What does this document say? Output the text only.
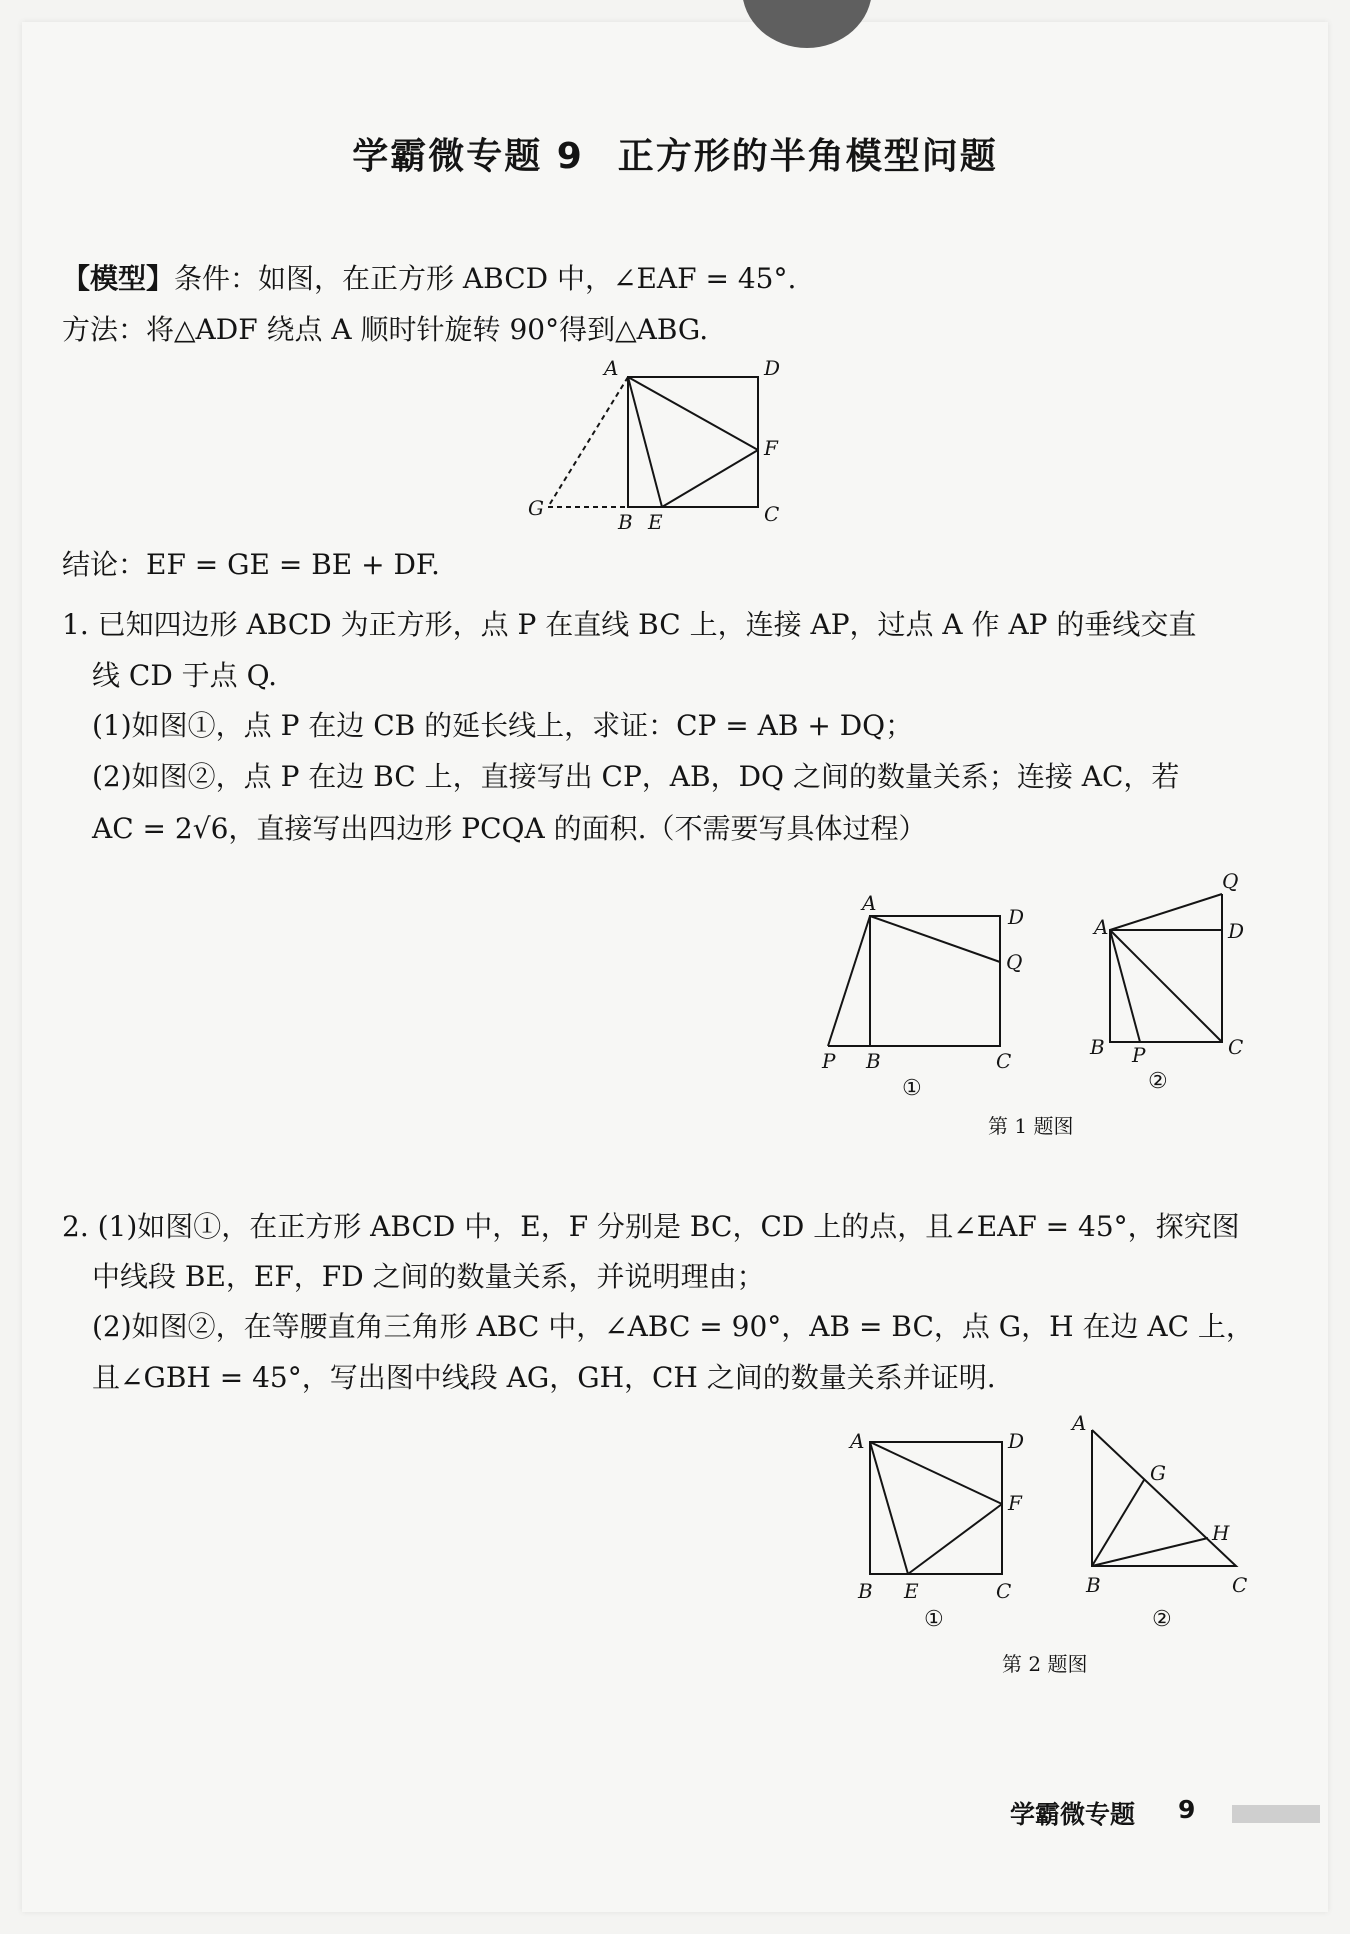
学霸微专题 9 正方形的半角模型问题
【模型】条件：如图，在正方形 ABCD 中，∠EAF = 45°.
方法：将△ADF 绕点 A 顺时针旋转 90°得到△ABG.
A	D
F
C
B E
G
结论：EF = GE = BE + DF.
1. 已知四边形 ABCD 为正方形，点 P 在直线 BC 上，连接 AP，过点 A 作 AP 的垂线交直
线 CD 于点 Q.
(1)如图①，点 P 在边 CB 的延长线上，求证：CP = AB + DQ；
(2)如图②，点 P 在边 BC 上，直接写出 CP，AB，DQ 之间的数量关系；连接 AC，若
AC = 2√6，直接写出四边形 PCQA 的面积.（不需要写具体过程）
A
D
Q
P B	C
①
Q
A	D
B P	C
②
第 1 题图
2. (1)如图①，在正方形 ABCD 中，E，F 分别是 BC，CD 上的点，且∠EAF = 45°，探究图
中线段 BE，EF，FD 之间的数量关系，并说明理由；
(2)如图②，在等腰直角三角形 ABC 中，∠ABC = 90°，AB = BC，点 G，H 在边 AC 上，
且∠GBH = 45°，写出图中线段 AG，GH，CH 之间的数量关系并证明.
A	D
F
B E	C
①
A
G
H
B	C
②
第 2 题图
学霸微专题 9
